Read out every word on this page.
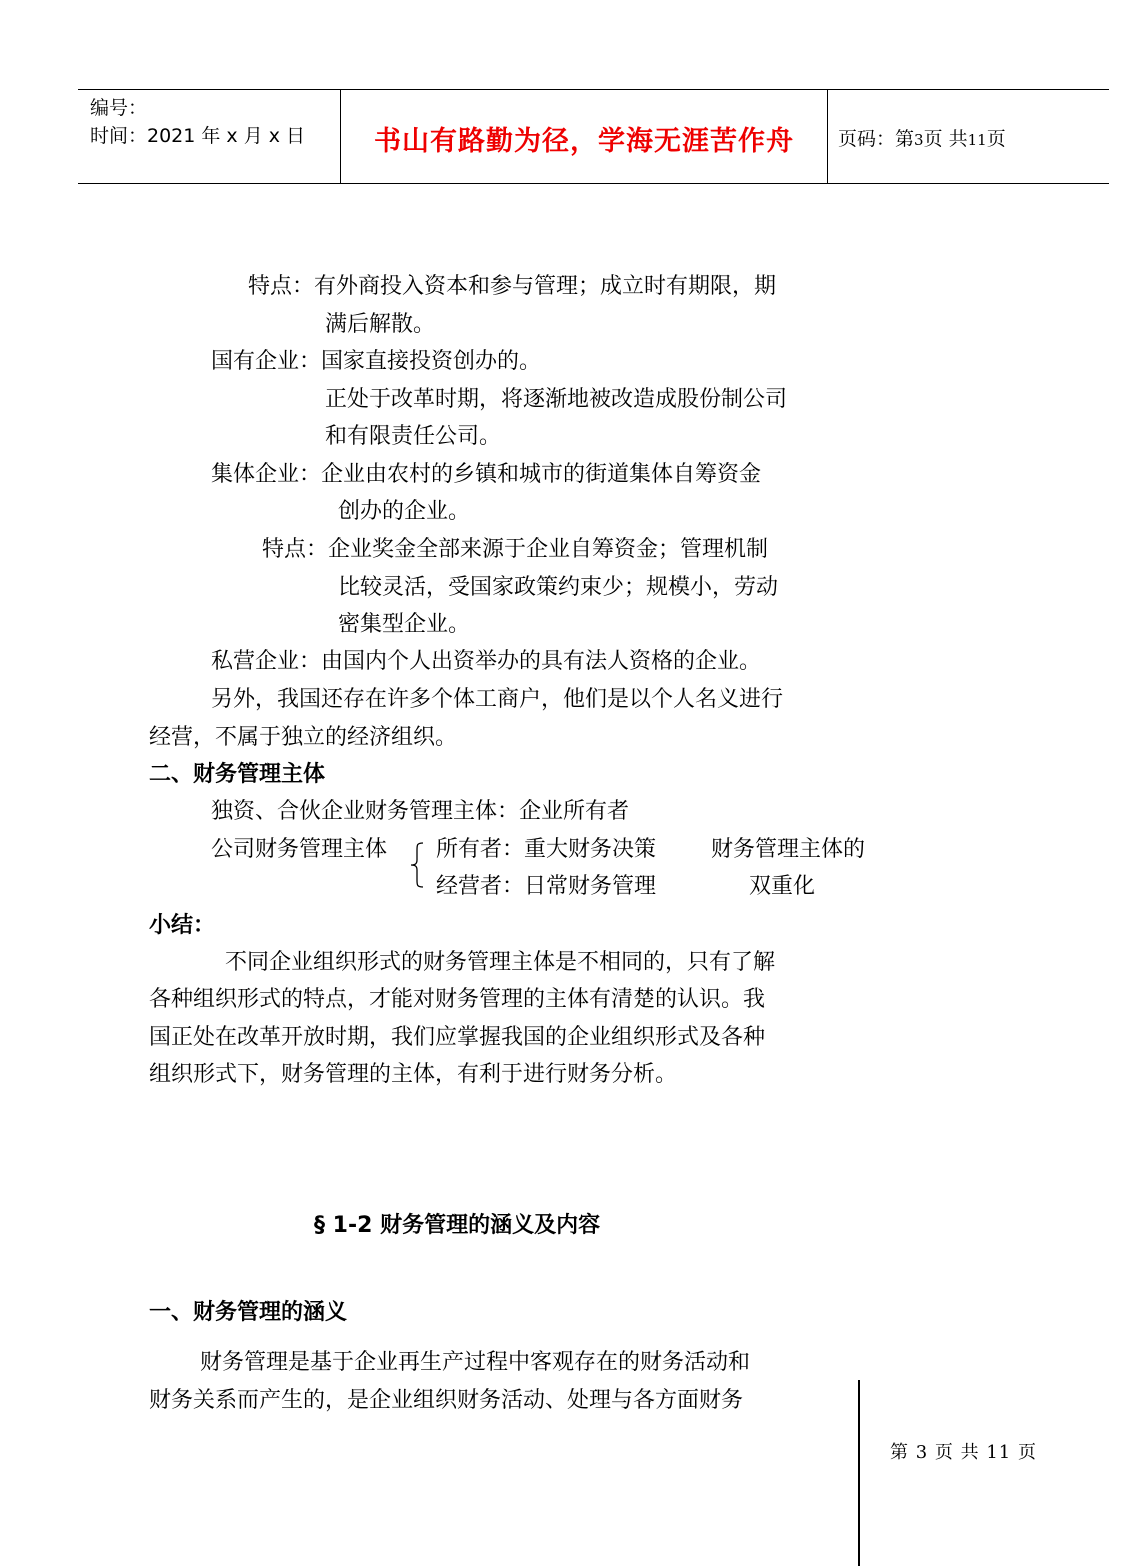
编号：
时间：2021 年 x 月 x 日	书山有路勤为径，学海无涯苦作舟	页码：第3页 共11页
特点：有外商投入资本和参与管理；成立时有期限，期
满后解散。
国有企业：国家直接投资创办的。
正处于改革时期，将逐渐地被改造成股份制公司
和有限责任公司。
集体企业：企业由农村的乡镇和城市的街道集体自筹资金
创办的企业。
特点：企业奖金全部来源于企业自筹资金；管理机制
比较灵活，受国家政策约束少；规模小，劳动
密集型企业。
私营企业：由国内个人出资举办的具有法人资格的企业。
另外，我国还存在许多个体工商户，他们是以个人名义进行
经营，不属于独立的经济组织。
二、财务管理主体
独资、合伙企业财务管理主体：企业所有者
公司财务管理主体 所有者：重大财务决策 财务管理主体的
经营者：日常财务管理	双重化
小结：
不同企业组织形式的财务管理主体是不相同的，只有了解
各种组织形式的特点，才能对财务管理的主体有清楚的认识。我
国正处在改革开放时期，我们应掌握我国的企业组织形式及各种
组织形式下，财务管理的主体，有利于进行财务分析。
§ 1-2 财务管理的涵义及内容
一、财务管理的涵义
财务管理是基于企业再生产过程中客观存在的财务活动和
财务关系而产生的，是企业组织财务活动、处理与各方面财务
第 3 页 共 11 页
